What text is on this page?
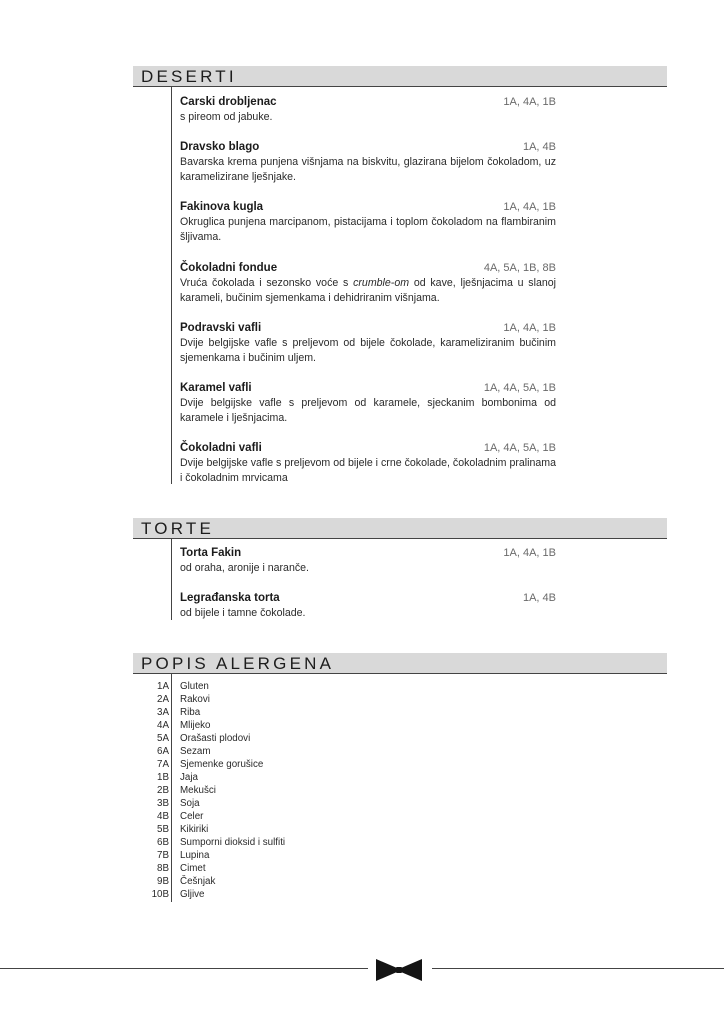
DESERTI
Carski drobljenac	1A, 4A, 1B
s pireom od jabuke.
Dravsko blago	1A, 4B
Bavarska krema punjena višnjama na biskvitu, glazirana bijelom čokoladom, uz karamelizirane lješnjake.
Fakinova kugla	1A, 4A, 1B
Okruglica punjena marcipanom, pistacijama i toplom čokoladom na flambiranim šljivama.
Čokoladni fondue	4A, 5A, 1B, 8B
Vruća čokolada i sezonsko voće s crumble-om od kave, lješnjacima u slanoj karameli, bučinim sjemenkama i dehidriranim višnjama.
Podravski vafli	1A, 4A, 1B
Dvije belgijske vafle s preljevom od bijele čokolade, karameliziranim bučinim sjemenkama i bučinim uljem.
Karamel vafli	1A, 4A, 5A, 1B
Dvije belgijske vafle s preljevom od karamele, sjeckanim bombonima od karamele i lješnjacima.
Čokoladni vafli	1A, 4A, 5A, 1B
Dvije belgijske vafle s preljevom od bijele i crne čokolade, čokoladnim pralinama i čokoladnim mrvicama
TORTE
Torta Fakin	1A, 4A, 1B
od oraha, aronije i naranče.
Legrađanska torta	1A, 4B
od bijele i tamne čokolade.
POPIS ALERGENA
1A Gluten
2A Rakovi
3A Riba
4A Mlijeko
5A Orašasti plodovi
6A Sezam
7A Sjemenke gorušice
1B Jaja
2B Mekušci
3B Soja
4B Celer
5B Kikiriki
6B Sumporni dioksid i sulfiti
7B Lupina
8B Cimet
9B Češnjak
10B Gljive
